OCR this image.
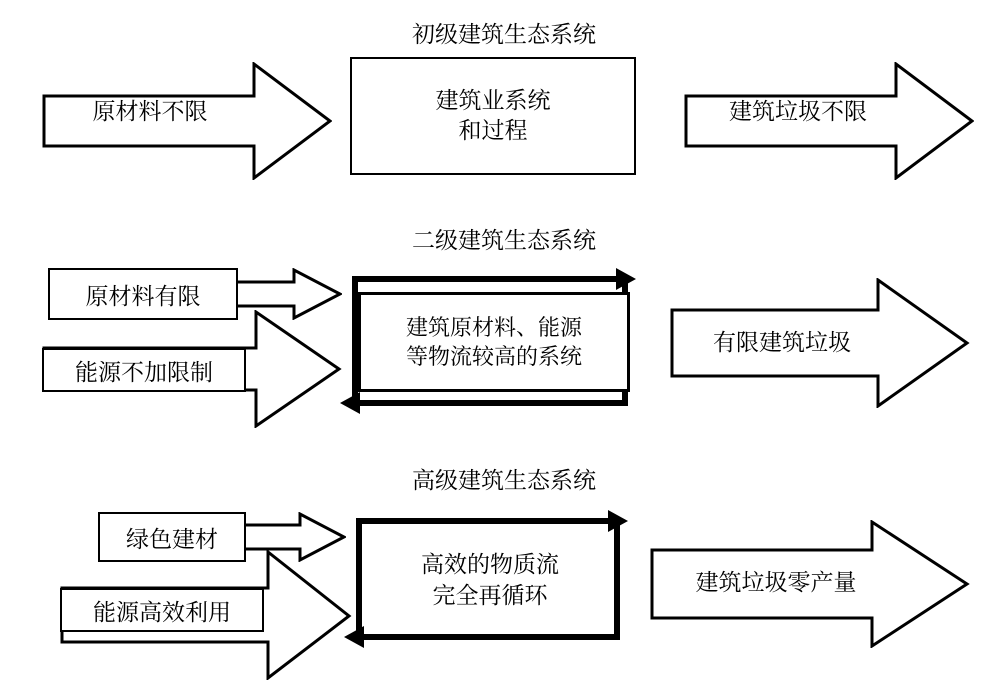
初级建筑生态系统
原材料不限	建筑业系统
和过程
建筑垃圾不限
二级建筑生态系统
原材料有限
能源不加限制
建筑原材料、能源
等物流较高的系统
有限建筑垃圾
高级建筑生态系统
绿色建材
能源高效利用
高效的物质流
完全再循环
建筑垃圾零产量
